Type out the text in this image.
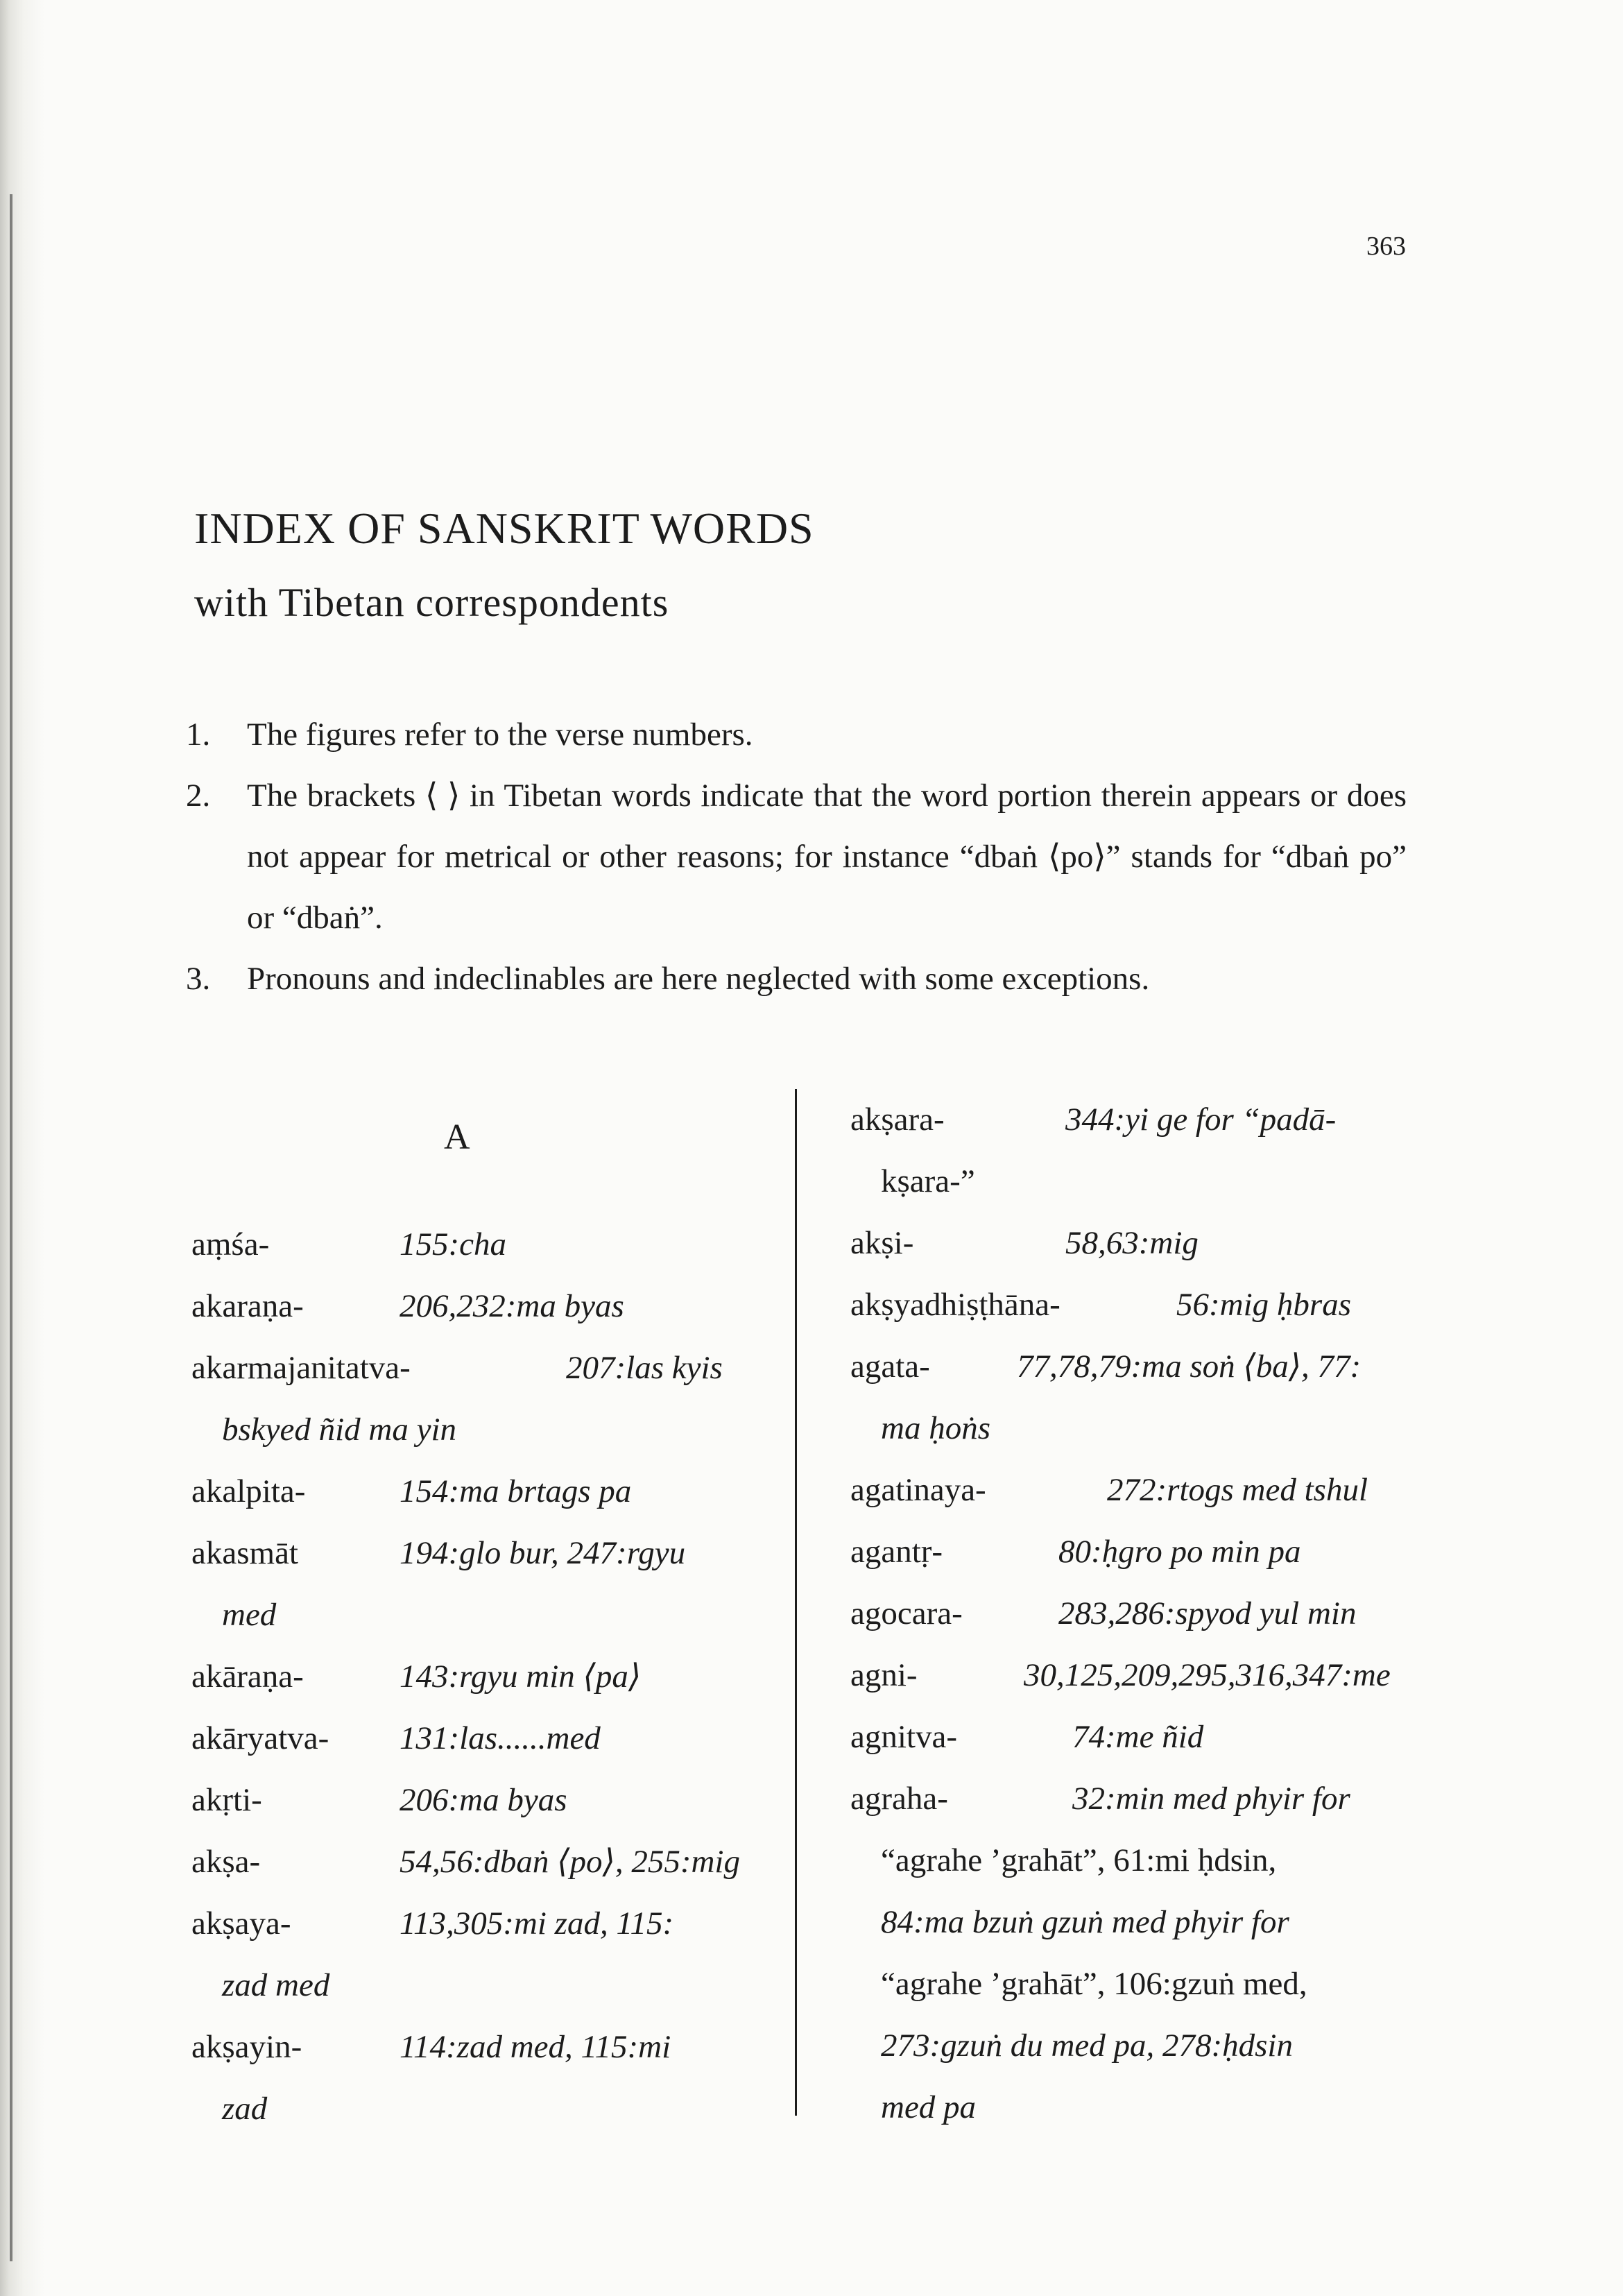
363
INDEX OF SANSKRIT WORDS
with Tibetan correspondents
1. The figures refer to the verse numbers.
2. The brackets ⟨ ⟩ in Tibetan words indicate that the word portion therein appears or does not appear for metrical or other reasons; for instance “dbaṅ ⟨po⟩” stands for “dbaṅ po” or “dbaṅ”.
3. Pronouns and indeclinables are here neglected with some exceptions.
A
aṃśa-	155:cha
akaraṇa-	206,232:ma byas
akarmajanitatva-	207:las kyis
bskyed ñid ma yin
akalpita-	154:ma brtags pa
akasmāt	194:glo bur, 247:rgyu
med
akāraṇa-	143:rgyu min ⟨pa⟩
akāryatva- 131:las......med
akṛti-	206:ma byas
akṣa-	54,56:dbaṅ ⟨po⟩, 255:mig
akṣaya-	113,305:mi zad, 115:
zad med
akṣayin-	114:zad med, 115:mi
zad
akṣara-	344:yi ge for “padā-
kṣara-”
akṣi-	58,63:mig
akṣyadhiṣṭhāna-	56:mig ḥbras
agata-	77,78,79:ma soṅ ⟨ba⟩, 77:
ma ḥoṅs
agatinaya-	272:rtogs med tshul
agantṛ-	80:ḥgro po min pa
agocara-	283,286:spyod yul min
agni-	30,125,209,295,316,347:me
agnitva-	74:me ñid
agraha-	32:min med phyir for
“agrahe ’grahāt”, 61:mi ḥdsin,
84:ma bzuṅ gzuṅ med phyir for
“agrahe ’grahāt”, 106:gzuṅ med,
273:gzuṅ du med pa, 278:ḥdsin
med pa
